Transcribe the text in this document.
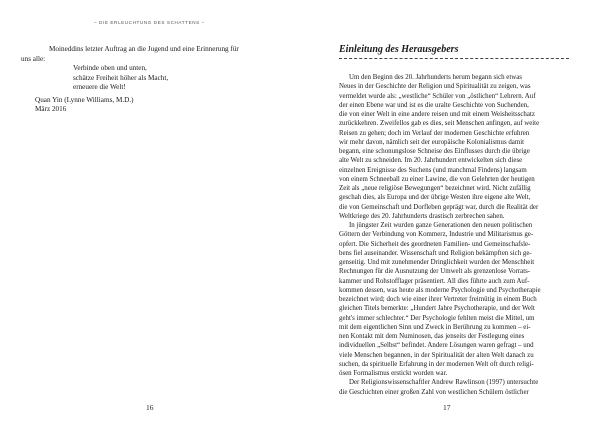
– DIE ERLEUCHTUNG DES SCHATTENS –
Moineddins letzter Auftrag an die Jugend und eine Erinnerung für
uns alle:
Verbinde oben und unten,
schätze Freiheit höher als Macht,
erneuere die Welt!
Quan Yin (Lynne Williams, M.D.)
März 2016
16
Einleitung des Herausgebers
Um den Beginn des 20. Jahrhunderts herum begann sich etwas
Neues in der Geschichte der Religion und Spiritualität zu zeigen, was
vermeldet wurde als: „westliche“ Schüler von „östlichen“ Lehrern. Auf
der einen Ebene war und ist es die uralte Geschichte von Suchenden,
die von einer Welt in eine andere reisen und mit einem Weisheitsschatz
zurückkehren. Zweifellos gab es dies, seit Menschen anfingen, auf weite
Reisen zu gehen; doch im Verlauf der modernen Geschichte erfuhren
wir mehr davon, nämlich seit der europäische Kolonialismus damit
begann, eine schonungslose Schneise des Einflusses durch die übrige
alte Welt zu schneiden. Im 20. Jahrhundert entwickelten sich diese
einzelnen Ereignisse des Suchens (und manchmal Findens) langsam
von einem Schneeball zu einer Lawine, die von Gelehrten der heutigen
Zeit als „neue religiöse Bewegungen“ bezeichnet wird. Nicht zufällig
geschah dies, als Europa und der übrige Westen ihre eigene alte Welt,
die von Gemeinschaft und Dorfleben geprägt war, durch die Realität der
Weltkriege des 20. Jahrhunderts drastisch zerbrechen sahen.
In jüngster Zeit wurden ganze Generationen den neuen politischen
Göttern der Verbindung von Kommerz, Industrie und Militarismus ge-
opfert. Die Sicherheit des geordneten Familien- und Gemeinschafsle-
bens fiel auseinander. Wissenschaft und Religion bekämpften sich ge-
genseitig. Und mit zunehmender Dringlichkeit wurden der Menschheit
Rechnungen für die Ausnutzung der Umwelt als grenzenlose Vorrats-
kammer und Rohstofflager präsentiert. All dies führte auch zum Auf-
kommen dessen, was heute als moderne Psychologie und Psychotherapie
bezeichnet wird; doch wie einer ihrer Vertreter freimütig in einem Buch
gleichen Titels bemerkte: „Hundert Jahre Psychotherapie, und der Welt
geht's immer schlechter.“ Der Psychologie fehlten meist die Mittel, um
mit dem eigentlichen Sinn und Zweck in Berührung zu kommen – ei-
nen Kontakt mit dem Numinosen, das jenseits der Festlegung eines
individuellen „Selbst“ befindet. Andere Lösungen waren gefragt – und
viele Menschen begannen, in der Spiritualität der alten Welt danach zu
suchen, da spirituelle Erfahrung in der modernen Welt oft durch religi-
ösen Formalismus erstickt worden war.
Der Religionswissenschaftler Andrew Rawlinson (1997) untersuchte
die Geschichten einer großen Zahl von westlichen Schülern östlicher
17
